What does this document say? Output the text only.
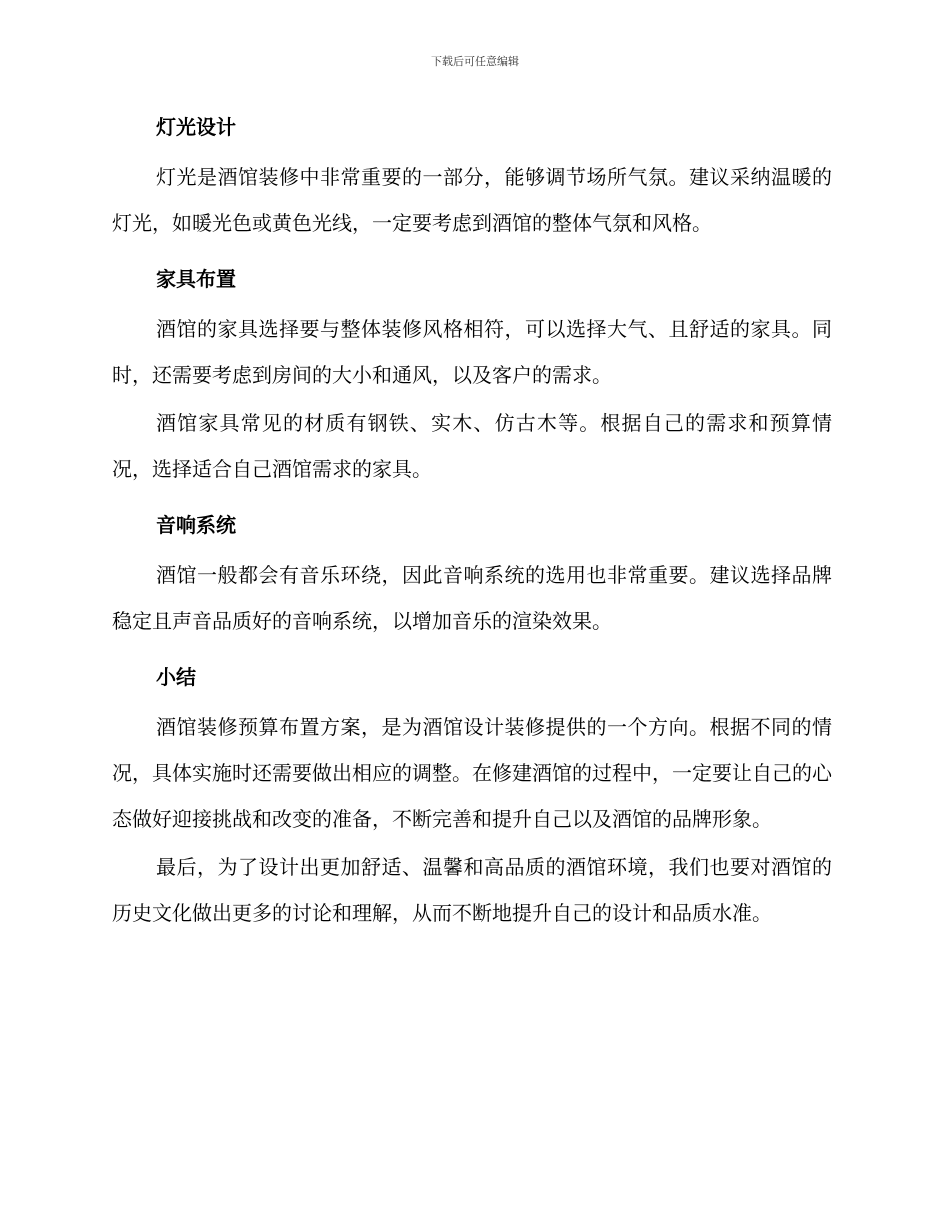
下载后可任意编辑
灯光设计

灯光是酒馆装修中非常重要的一部分，能够调节场所气氛。建议采纳温暖的灯光，如暖光色或黄色光线，一定要考虑到酒馆的整体气氛和风格。

家具布置

酒馆的家具选择要与整体装修风格相符，可以选择大气、且舒适的家具。同时，还需要考虑到房间的大小和通风，以及客户的需求。

酒馆家具常见的材质有钢铁、实木、仿古木等。根据自己的需求和预算情况，选择适合自己酒馆需求的家具。

音响系统

酒馆一般都会有音乐环绕，因此音响系统的选用也非常重要。建议选择品牌稳定且声音品质好的音响系统，以增加音乐的渲染效果。

小结

酒馆装修预算布置方案，是为酒馆设计装修提供的一个方向。根据不同的情况，具体实施时还需要做出相应的调整。在修建酒馆的过程中，一定要让自己的心态做好迎接挑战和改变的准备，不断完善和提升自己以及酒馆的品牌形象。

最后，为了设计出更加舒适、温馨和高品质的酒馆环境，我们也要对酒馆的历史文化做出更多的讨论和理解，从而不断地提升自己的设计和品质水准。
